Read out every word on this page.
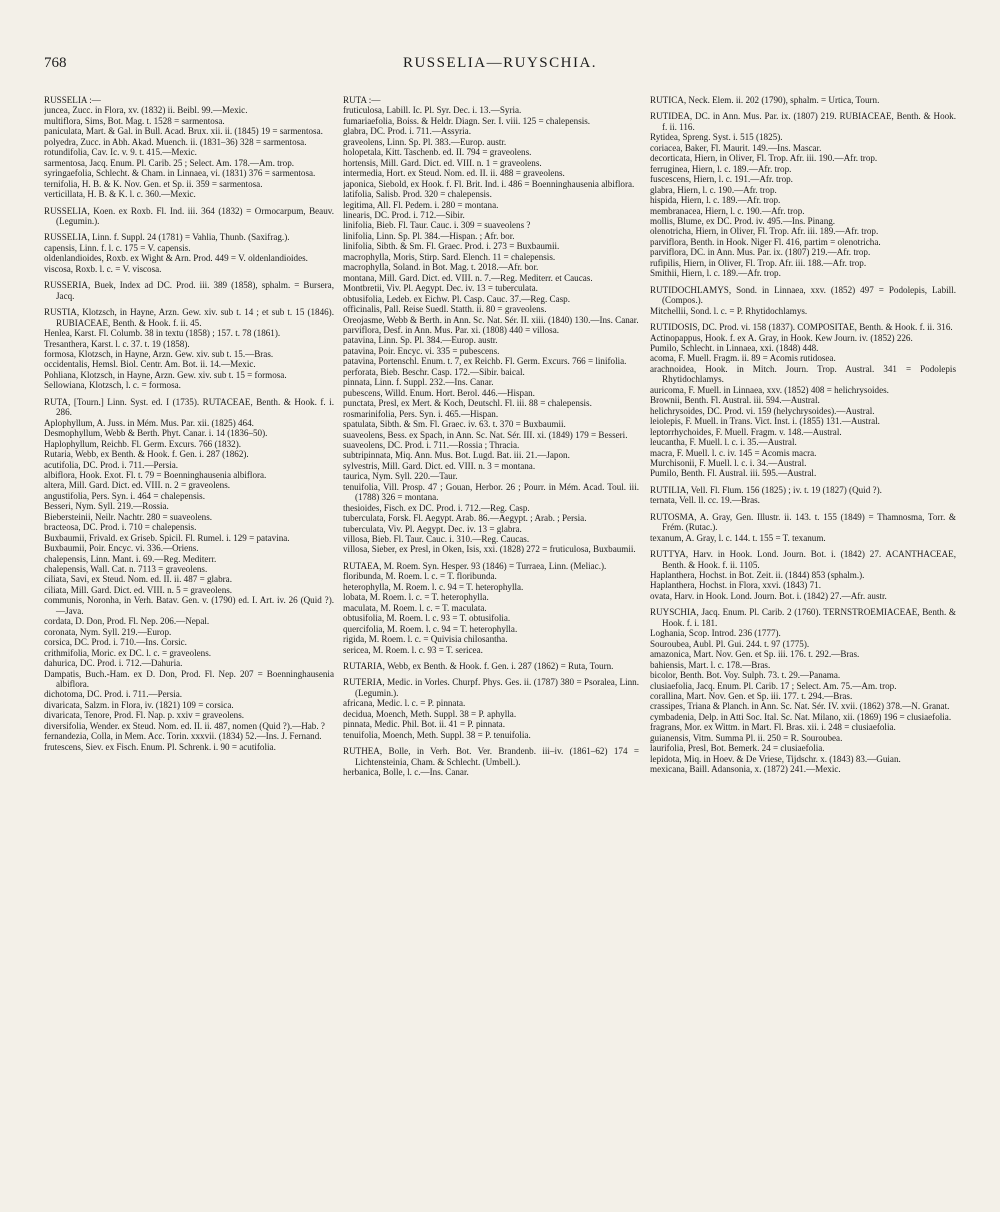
768	RUSSELIA—RUYSCHIA.

RUSSELIA :—

juncea, Zucc. in Flora, xv. (1832) ii. Beibl. 99.—Mexic.

multiflora, Sims, Bot. Mag. t. 1528 = sarmentosa.

paniculata, Mart. & Gal. in Bull. Acad. Brux. xii. ii. (1845) 19 = sarmentosa.

polyedra, Zucc. in Abh. Akad. Muench. ii. (1831–36) 328 = sarmentosa.

rotundifolia, Cav. Ic. v. 9. t. 415.—Mexic.

sarmentosa, Jacq. Enum. Pl. Carib. 25 ; Select. Am. 178.—Am. trop.

syringaefolia, Schlecht. & Cham. in Linnaea, vi. (1831) 376 = sarmentosa.

ternifolia, H. B. & K. Nov. Gen. et Sp. ii. 359 = sarmentosa.

verticillata, H. B. & K. l. c. 360.—Mexic.

RUSSELIA, Koen. ex Roxb. Fl. Ind. iii. 364 (1832) = Ormocarpum, Beauv. (Legumin.).

RUSSELIA, Linn. f. Suppl. 24 (1781) = Vahlia, Thunb. (Saxifrag.).

capensis, Linn. f. l. c. 175 = V. capensis.

oldenlandioides, Roxb. ex Wight & Arn. Prod. 449 = V. oldenlandioides.

viscosa, Roxb. l. c. = V. viscosa.

RUSSERIA, Buek, Index ad DC. Prod. iii. 389 (1858), sphalm. = Bursera, Jacq.

RUSTIA, Klotzsch, in Hayne, Arzn. Gew. xiv. sub t. 14 ; et sub t. 15 (1846). RUBIACEAE, Benth. & Hook. f. ii. 45.

Henlea, Karst. Fl. Columb. 38 in textu (1858) ; 157. t. 78 (1861).

Tresanthera, Karst. l. c. 37. t. 19 (1858).

formosa, Klotzsch, in Hayne, Arzn. Gew. xiv. sub t. 15.—Bras.

occidentalis, Hemsl. Biol. Centr. Am. Bot. ii. 14.—Mexic.

Pohliana, Klotzsch, in Hayne, Arzn. Gew. xiv. sub t. 15 = formosa.

Sellowiana, Klotzsch, l. c. = formosa.

RUTA, [Tourn.] Linn. Syst. ed. I (1735). RUTACEAE, Benth. & Hook. f. i. 286.

Aplophyllum, A. Juss. in Mém. Mus. Par. xii. (1825) 464.

Desmophyllum, Webb & Berth. Phyt. Canar. i. 14 (1836–50).

Haplophyllum, Reichb. Fl. Germ. Excurs. 766 (1832).

Rutaria, Webb, ex Benth. & Hook. f. Gen. i. 287 (1862).

acutifolia, DC. Prod. i. 711.—Persia.

albiflora, Hook. Exot. Fl. t. 79 = Boenninghausenia albiflora.

altera, Mill. Gard. Dict. ed. VIII. n. 2 = graveolens.

angustifolia, Pers. Syn. i. 464 = chalepensis.

Besseri, Nym. Syll. 219.—Rossia.

Biebersteinii, Neilr. Nachtr. 280 = suaveolens.

bracteosa, DC. Prod. i. 710 = chalepensis.

Buxbaumii, Frivald. ex Griseb. Spicil. Fl. Rumel. i. 129 = patavina.

Buxbaumii, Poir. Encyc. vi. 336.—Oriens.

chalepensis, Linn. Mant. i. 69.—Reg. Mediterr.

chalepensis, Wall. Cat. n. 7113 = graveolens.

ciliata, Savi, ex Steud. Nom. ed. II. ii. 487 = glabra.

ciliata, Mill. Gard. Dict. ed. VIII. n. 5 = graveolens.

communis, Noronha, in Verh. Batav. Gen. v. (1790) ed. I. Art. iv. 26 (Quid ?).—Java.

cordata, D. Don, Prod. Fl. Nep. 206.—Nepal.

coronata, Nym. Syll. 219.—Europ.

corsica, DC. Prod. i. 710.—Ins. Corsic.

crithmifolia, Moric. ex DC. l. c. = graveolens.

dahurica, DC. Prod. i. 712.—Dahuria.

Dampatis, Buch.-Ham. ex D. Don, Prod. Fl. Nep. 207 = Boenninghausenia albiflora.

dichotoma, DC. Prod. i. 711.—Persia.

divaricata, Salzm. in Flora, iv. (1821) 109 = corsica.

divaricata, Tenore, Prod. Fl. Nap. p. xxiv = graveolens.

diversifolia, Wender. ex Steud. Nom. ed. II. ii. 487, nomen (Quid ?).—Hab. ?

fernandezia, Colla, in Mem. Acc. Torin. xxxvii. (1834) 52.—Ins. J. Fernand.

frutescens, Siev. ex Fisch. Enum. Pl. Schrenk. i. 90 = acutifolia.

RUTA :—

fruticulosa, Labill. Ic. Pl. Syr. Dec. i. 13.—Syria.

fumariaefolia, Boiss. & Heldr. Diagn. Ser. I. viii. 125 = chalepensis.

glabra, DC. Prod. i. 711.—Assyria.

graveolens, Linn. Sp. Pl. 383.—Europ. austr.

holopetala, Kitt. Taschenb. ed. II. 794 = graveolens.

hortensis, Mill. Gard. Dict. ed. VIII. n. 1 = graveolens.

intermedia, Hort. ex Steud. Nom. ed. II. ii. 488 = graveolens.

japonica, Siebold, ex Hook. f. Fl. Brit. Ind. i. 486 = Boenninghausenia albiflora.

latifolia, Salisb. Prod. 320 = chalepensis.

legitima, All. Fl. Pedem. i. 280 = montana.

linearis, DC. Prod. i. 712.—Sibir.

linifolia, Bieb. Fl. Taur. Cauc. i. 309 = suaveolens ?

linifolia, Linn. Sp. Pl. 384.—Hispan. ; Afr. bor.

linifolia, Sibth. & Sm. Fl. Graec. Prod. i. 273 = Buxbaumii.

macrophylla, Moris, Stirp. Sard. Elench. 11 = chalepensis.

macrophylla, Soland. in Bot. Mag. t. 2018.—Afr. bor.

montana, Mill. Gard. Dict. ed. VIII. n. 7.—Reg. Mediterr. et Caucas.

Montbretii, Viv. Pl. Aegypt. Dec. iv. 13 = tuberculata.

obtusifolia, Ledeb. ex Eichw. Pl. Casp. Cauc. 37.—Reg. Casp.

officinalis, Pall. Reise Suedl. Statth. ii. 80 = graveolens.

Oreojasme, Webb & Berth. in Ann. Sc. Nat. Sér. II. xiii. (1840) 130.—Ins. Canar.

parviflora, Desf. in Ann. Mus. Par. xi. (1808) 440 = villosa.

patavina, Linn. Sp. Pl. 384.—Europ. austr.

patavina, Poir. Encyc. vi. 335 = pubescens.

patavina, Portenschl. Enum. t. 7, ex Reichb. Fl. Germ. Excurs. 766 = linifolia.

perforata, Bieb. Beschr. Casp. 172.—Sibir. baical.

pinnata, Linn. f. Suppl. 232.—Ins. Canar.

pubescens, Willd. Enum. Hort. Berol. 446.—Hispan.

punctata, Presl, ex Mert. & Koch, Deutschl. Fl. iii. 88 = chalepensis.

rosmarinifolia, Pers. Syn. i. 465.—Hispan.

spatulata, Sibth. & Sm. Fl. Graec. iv. 63. t. 370 = Buxbaumii.

suaveolens, Bess. ex Spach, in Ann. Sc. Nat. Sér. III. xi. (1849) 179 = Besseri.

suaveolens, DC. Prod. i. 711.—Rossia ; Thracia.

subtripinnata, Miq. Ann. Mus. Bot. Lugd. Bat. iii. 21.—Japon.

sylvestris, Mill. Gard. Dict. ed. VIII. n. 3 = montana.

taurica, Nym. Syll. 220.—Taur.

tenuifolia, Vill. Prosp. 47 ; Gouan, Herbor. 26 ; Pourr. in Mém. Acad. Toul. iii. (1788) 326 = montana.

thesioides, Fisch. ex DC. Prod. i. 712.—Reg. Casp.

tuberculata, Forsk. Fl. Aegypt. Arab. 86.—Aegypt. ; Arab. ; Persia.

tuberculata, Viv. Pl. Aegypt. Dec. iv. 13 = glabra.

villosa, Bieb. Fl. Taur. Cauc. i. 310.—Reg. Caucas.

villosa, Sieber, ex Presl, in Oken, Isis, xxi. (1828) 272 = fruticulosa, Buxbaumii.

RUTAEA, M. Roem. Syn. Hesper. 93 (1846) = Turraea, Linn. (Meliac.).

floribunda, M. Roem. l. c. = T. floribunda.

heterophylla, M. Roem. l. c. 94 = T. heterophylla.

lobata, M. Roem. l. c. = T. heterophylla.

maculata, M. Roem. l. c. = T. maculata.

obtusifolia, M. Roem. l. c. 93 = T. obtusifolia.

quercifolia, M. Roem. l. c. 94 = T. heterophylla.

rigida, M. Roem. l. c. = Quivisia chilosantha.

sericea, M. Roem. l. c. 93 = T. sericea.

RUTARIA, Webb, ex Benth. & Hook. f. Gen. i. 287 (1862) = Ruta, Tourn.

RUTERIA, Medic. in Vorles. Churpf. Phys. Ges. ii. (1787) 380 = Psoralea, Linn. (Legumin.).

africana, Medic. l. c. = P. pinnata.

decidua, Moench, Meth. Suppl. 38 = P. aphylla.

pinnata, Medic. Phil. Bot. ii. 41 = P. pinnata.

tenuifolia, Moench, Meth. Suppl. 38 = P. tenuifolia.

RUTHEA, Bolle, in Verh. Bot. Ver. Brandenb. iii–iv. (1861–62) 174 = Lichtensteinia, Cham. & Schlecht. (Umbell.).

herbanica, Bolle, l. c.—Ins. Canar.

RUTICA, Neck. Elem. ii. 202 (1790), sphalm. = Urtica, Tourn.

RUTIDEA, DC. in Ann. Mus. Par. ix. (1807) 219. RUBIACEAE, Benth. & Hook. f. ii. 116.

Rytidea, Spreng. Syst. i. 515 (1825).

coriacea, Baker, Fl. Maurit. 149.—Ins. Mascar.

decorticata, Hiern, in Oliver, Fl. Trop. Afr. iii. 190.—Afr. trop.

ferruginea, Hiern, l. c. 189.—Afr. trop.

fuscescens, Hiern, l. c. 191.—Afr. trop.

glabra, Hiern, l. c. 190.—Afr. trop.

hispida, Hiern, l. c. 189.—Afr. trop.

membranacea, Hiern, l. c. 190.—Afr. trop.

mollis, Blume, ex DC. Prod. iv. 495.—Ins. Pinang.

olenotricha, Hiern, in Oliver, Fl. Trop. Afr. iii. 189.—Afr. trop.

parviflora, Benth. in Hook. Niger Fl. 416, partim = olenotricha.

parviflora, DC. in Ann. Mus. Par. ix. (1807) 219.—Afr. trop.

rufipilis, Hiern, in Oliver, Fl. Trop. Afr. iii. 188.—Afr. trop.

Smithii, Hiern, l. c. 189.—Afr. trop.

RUTIDOCHLAMYS, Sond. in Linnaea, xxv. (1852) 497 = Podolepis, Labill. (Compos.).

Mitchellii, Sond. l. c. = P. Rhytidochlamys.

RUTIDOSIS, DC. Prod. vi. 158 (1837). COMPOSITAE, Benth. & Hook. f. ii. 316.

Actinopappus, Hook. f. ex A. Gray, in Hook. Kew Journ. iv. (1852) 226.

Pumilo, Schlecht. in Linnaea, xxi. (1848) 448.

acoma, F. Muell. Fragm. ii. 89 = Acomis rutidosea.

arachnoidea, Hook. in Mitch. Journ. Trop. Austral. 341 = Podolepis Rhytidochlamys.

auricoma, F. Muell. in Linnaea, xxv. (1852) 408 = helichrysoides.

Brownii, Benth. Fl. Austral. iii. 594.—Austral.

helichrysoides, DC. Prod. vi. 159 (helychrysoides).—Austral.

leiolepis, F. Muell. in Trans. Vict. Inst. i. (1855) 131.—Austral.

leptorrhychoides, F. Muell. Fragm. v. 148.—Austral.

leucantha, F. Muell. l. c. i. 35.—Austral.

macra, F. Muell. l. c. iv. 145 = Acomis macra.

Murchisonii, F. Muell. l. c. i. 34.—Austral.

Pumilo, Benth. Fl. Austral. iii. 595.—Austral.

RUTILIA, Vell. Fl. Flum. 156 (1825) ; iv. t. 19 (1827) (Quid ?).

ternata, Vell. ll. cc. 19.—Bras.

RUTOSMA, A. Gray, Gen. Illustr. ii. 143. t. 155 (1849) = Thamnosma, Torr. & Frém. (Rutac.).

texanum, A. Gray, l. c. 144. t. 155 = T. texanum.

RUTTYA, Harv. in Hook. Lond. Journ. Bot. i. (1842) 27. ACANTHACEAE, Benth. & Hook. f. ii. 1105.

Haplanthera, Hochst. in Bot. Zeit. ii. (1844) 853 (sphalm.).

Haplanthera, Hochst. in Flora, xxvi. (1843) 71.

ovata, Harv. in Hook. Lond. Journ. Bot. i. (1842) 27.—Afr. austr.

RUYSCHIA, Jacq. Enum. Pl. Carib. 2 (1760). TERNSTROEMIACEAE, Benth. & Hook. f. i. 181.

Loghania, Scop. Introd. 236 (1777).

Souroubea, Aubl. Pl. Gui. 244. t. 97 (1775).

amazonica, Mart. Nov. Gen. et Sp. iii. 176. t. 292.—Bras.

bahiensis, Mart. l. c. 178.—Bras.

bicolor, Benth. Bot. Voy. Sulph. 73. t. 29.—Panama.

clusiaefolia, Jacq. Enum. Pl. Carib. 17 ; Select. Am. 75.—Am. trop.

corallina, Mart. Nov. Gen. et Sp. iii. 177. t. 294.—Bras.

crassipes, Triana & Planch. in Ann. Sc. Nat. Sér. IV. xvii. (1862) 378.—N. Granat.

cymbadenia, Delp. in Atti Soc. Ital. Sc. Nat. Milano, xii. (1869) 196 = clusiaefolia.

fragrans, Mor. ex Wittm. in Mart. Fl. Bras. xii. i. 248 = clusiaefolia.

guianensis, Vitm. Summa Pl. ii. 250 = R. Souroubea.

laurifolia, Presl, Bot. Bemerk. 24 = clusiaefolia.

lepidota, Miq. in Hoev. & De Vriese, Tijdschr. x. (1843) 83.—Guian.

mexicana, Baill. Adansonia, x. (1872) 241.—Mexic.
